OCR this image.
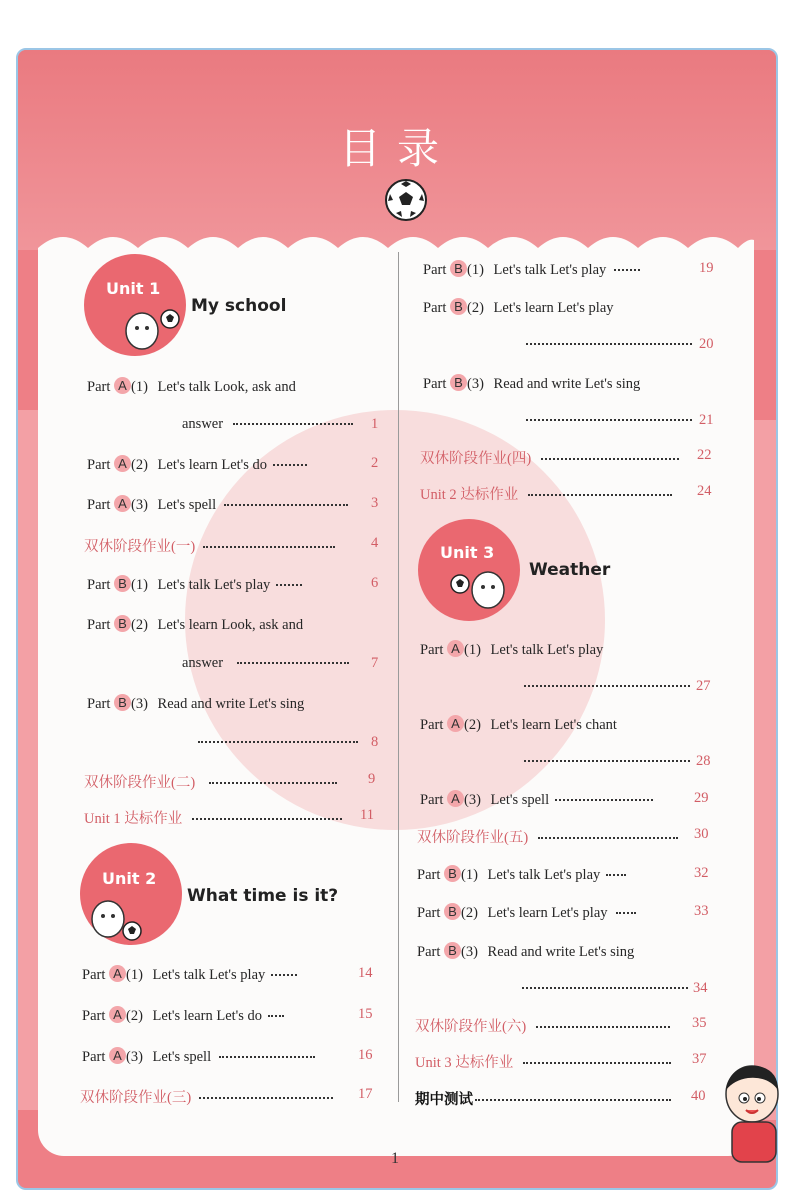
目录
Unit 1
My school
Unit 2
What time is it?
Unit 3
Weather
Part A (1) Let's talk Look, ask and
answer	1
Part A (2) Let's learn Let's do	2
Part A (3) Let's spell	3
双休阶段作业(一)	4
Part B (1) Let's talk Let's play	6
Part B (2) Let's learn Look, ask and
answer	7
Part B (3) Read and write Let's sing
8
双休阶段作业(二)	9
Unit 1 达标作业	11
Part A (1) Let's talk Let's play	14
Part A (2) Let's learn Let's do	15
Part A (3) Let's spell	16
双休阶段作业(三)	17
Part B (1) Let's talk Let's play	19
Part B (2) Let's learn Let's play
20
Part B (3) Read and write Let's sing
21
双休阶段作业(四)	22
Unit 2 达标作业	24
Part A (1) Let's talk Let's play
27
Part A (2) Let's learn Let's chant
28
Part A (3) Let's spell	29
双休阶段作业(五)	30
Part B (1) Let's talk Let's play	32
Part B (2) Let's learn Let's play	33
Part B (3) Read and write Let's sing
34
双休阶段作业(六)	35
Unit 3 达标作业	37
期中测试	40
1
